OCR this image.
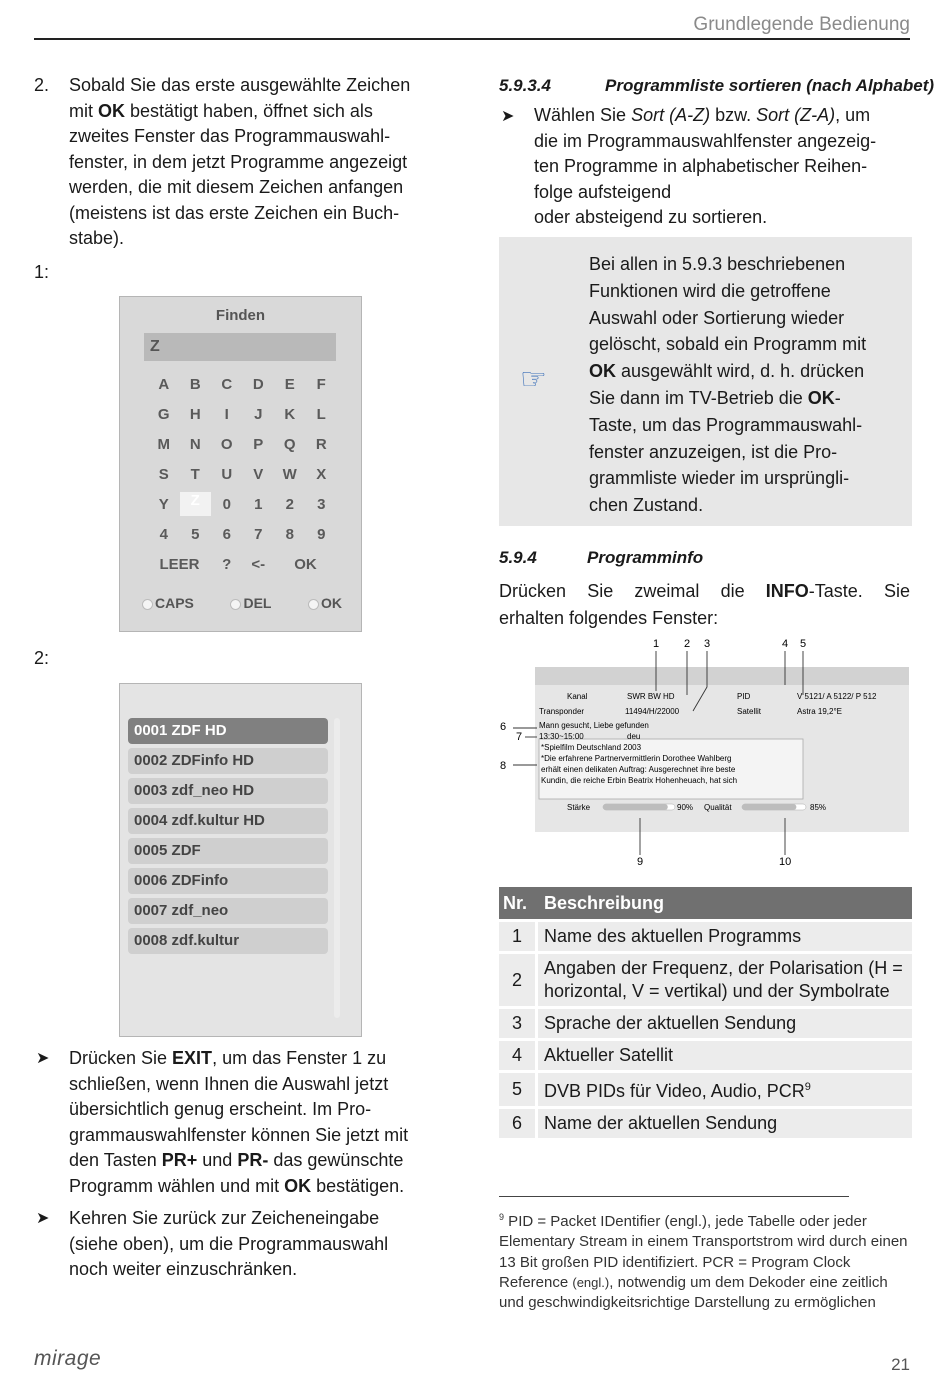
Grundlegende Bedienung
2. Sobald Sie das erste ausgewählte Zeichen
mit OK bestätigt haben, öffnet sich als
zweites Fenster das Programmauswahl-
fenster, in dem jetzt Programme angezeigt
werden, die mit diesem Zeichen anfangen
(meistens ist das erste Zeichen ein Buch-
stabe).
1:
Finden
Z
A	B	C	D	E	F
G	H	I	J	K	L
M	N	O	P	Q	R
S	T	U	V	W	X
Y	Z	0	1	2	3
4	5	6	7	8	9
LEER	?	<-	OK
CAPS	DEL	OK
2:
0001 ZDF HD
0002 ZDFinfo HD
0003 zdf_neo HD
0004 zdf.kultur HD
0005 ZDF
0006 ZDFinfo
0007 zdf_neo
0008 zdf.kultur
➤ Drücken Sie EXIT, um das Fenster 1 zu
schließen, wenn Ihnen die Auswahl jetzt
übersichtlich genug erscheint. Im Pro-
grammauswahlfenster können Sie jetzt mit
den Tasten PR+ und PR- das gewünschte
Programm wählen und mit OK bestätigen.
➤ Kehren Sie zurück zur Zeicheneingabe
(siehe oben), um die Programmauswahl
noch weiter einzuschränken.
5.9.3.4	Programmliste sortieren (nach Alphabet)
➤ Wählen Sie Sort (A-Z) bzw. Sort (Z-A), um
die im Programmauswahlfenster angezeig-
ten Programme in alphabetischer Reihen-
folge aufsteigend
oder absteigend zu sortieren.
☞
Bei allen in 5.9.3 beschriebenen
Funktionen wird die getroffene
Auswahl oder Sortierung wieder
gelöscht, sobald ein Programm mit
OK ausgewählt wird, d. h. drücken
Sie dann im TV-Betrieb die OK-
Taste, um das Programmauswahl-
fenster anzuzeigen, ist die Pro-
grammliste wieder im ursprüngli-
chen Zustand.
5.9.4	Programminfo
Drücken Sie zweimal die INFO-Taste. Sie
erhalten folgendes Fenster:
1 2 3	4 5
6
7
8
9	10
Kanal	SWR BW HD
Transponder	11494/H/22000
PID	V 5121/ A 5122/ P 512
Satellit	Astra 19,2°E
Mann gesucht, Liebe gefunden
13:30~15:00	deu
*Spielfilm Deutschland 2003
*Die erfahrene Partnervermittlerin Dorothee Wahlberg
erhält einen delikaten Auftrag: Ausgerechnet ihre beste
Kundin, die reiche Erbin Beatrix Hohenheuach, hat sich
Stärke	90% Qualität	85%
Nr.	Beschreibung
1	Name des aktuellen Programms
2	Angaben der Frequenz, der Polarisation (H = horizontal, V = vertikal) und der Symbolrate
3	Sprache der aktuellen Sendung
4	Aktueller Satellit
5	DVB PIDs für Video, Audio, PCR$^9$
6	Name der aktuellen Sendung
$^9$ PID = Packet IDentifier (engl.), jede Tabelle oder jeder Elementary Stream in einem Transportstrom wird durch einen 13 Bit großen PID identifiziert. PCR = Program Clock Reference (engl.), notwendig um dem Dekoder eine zeitlich und geschwindigkeitsrichtige Darstellung zu ermöglichen
mirage	21
